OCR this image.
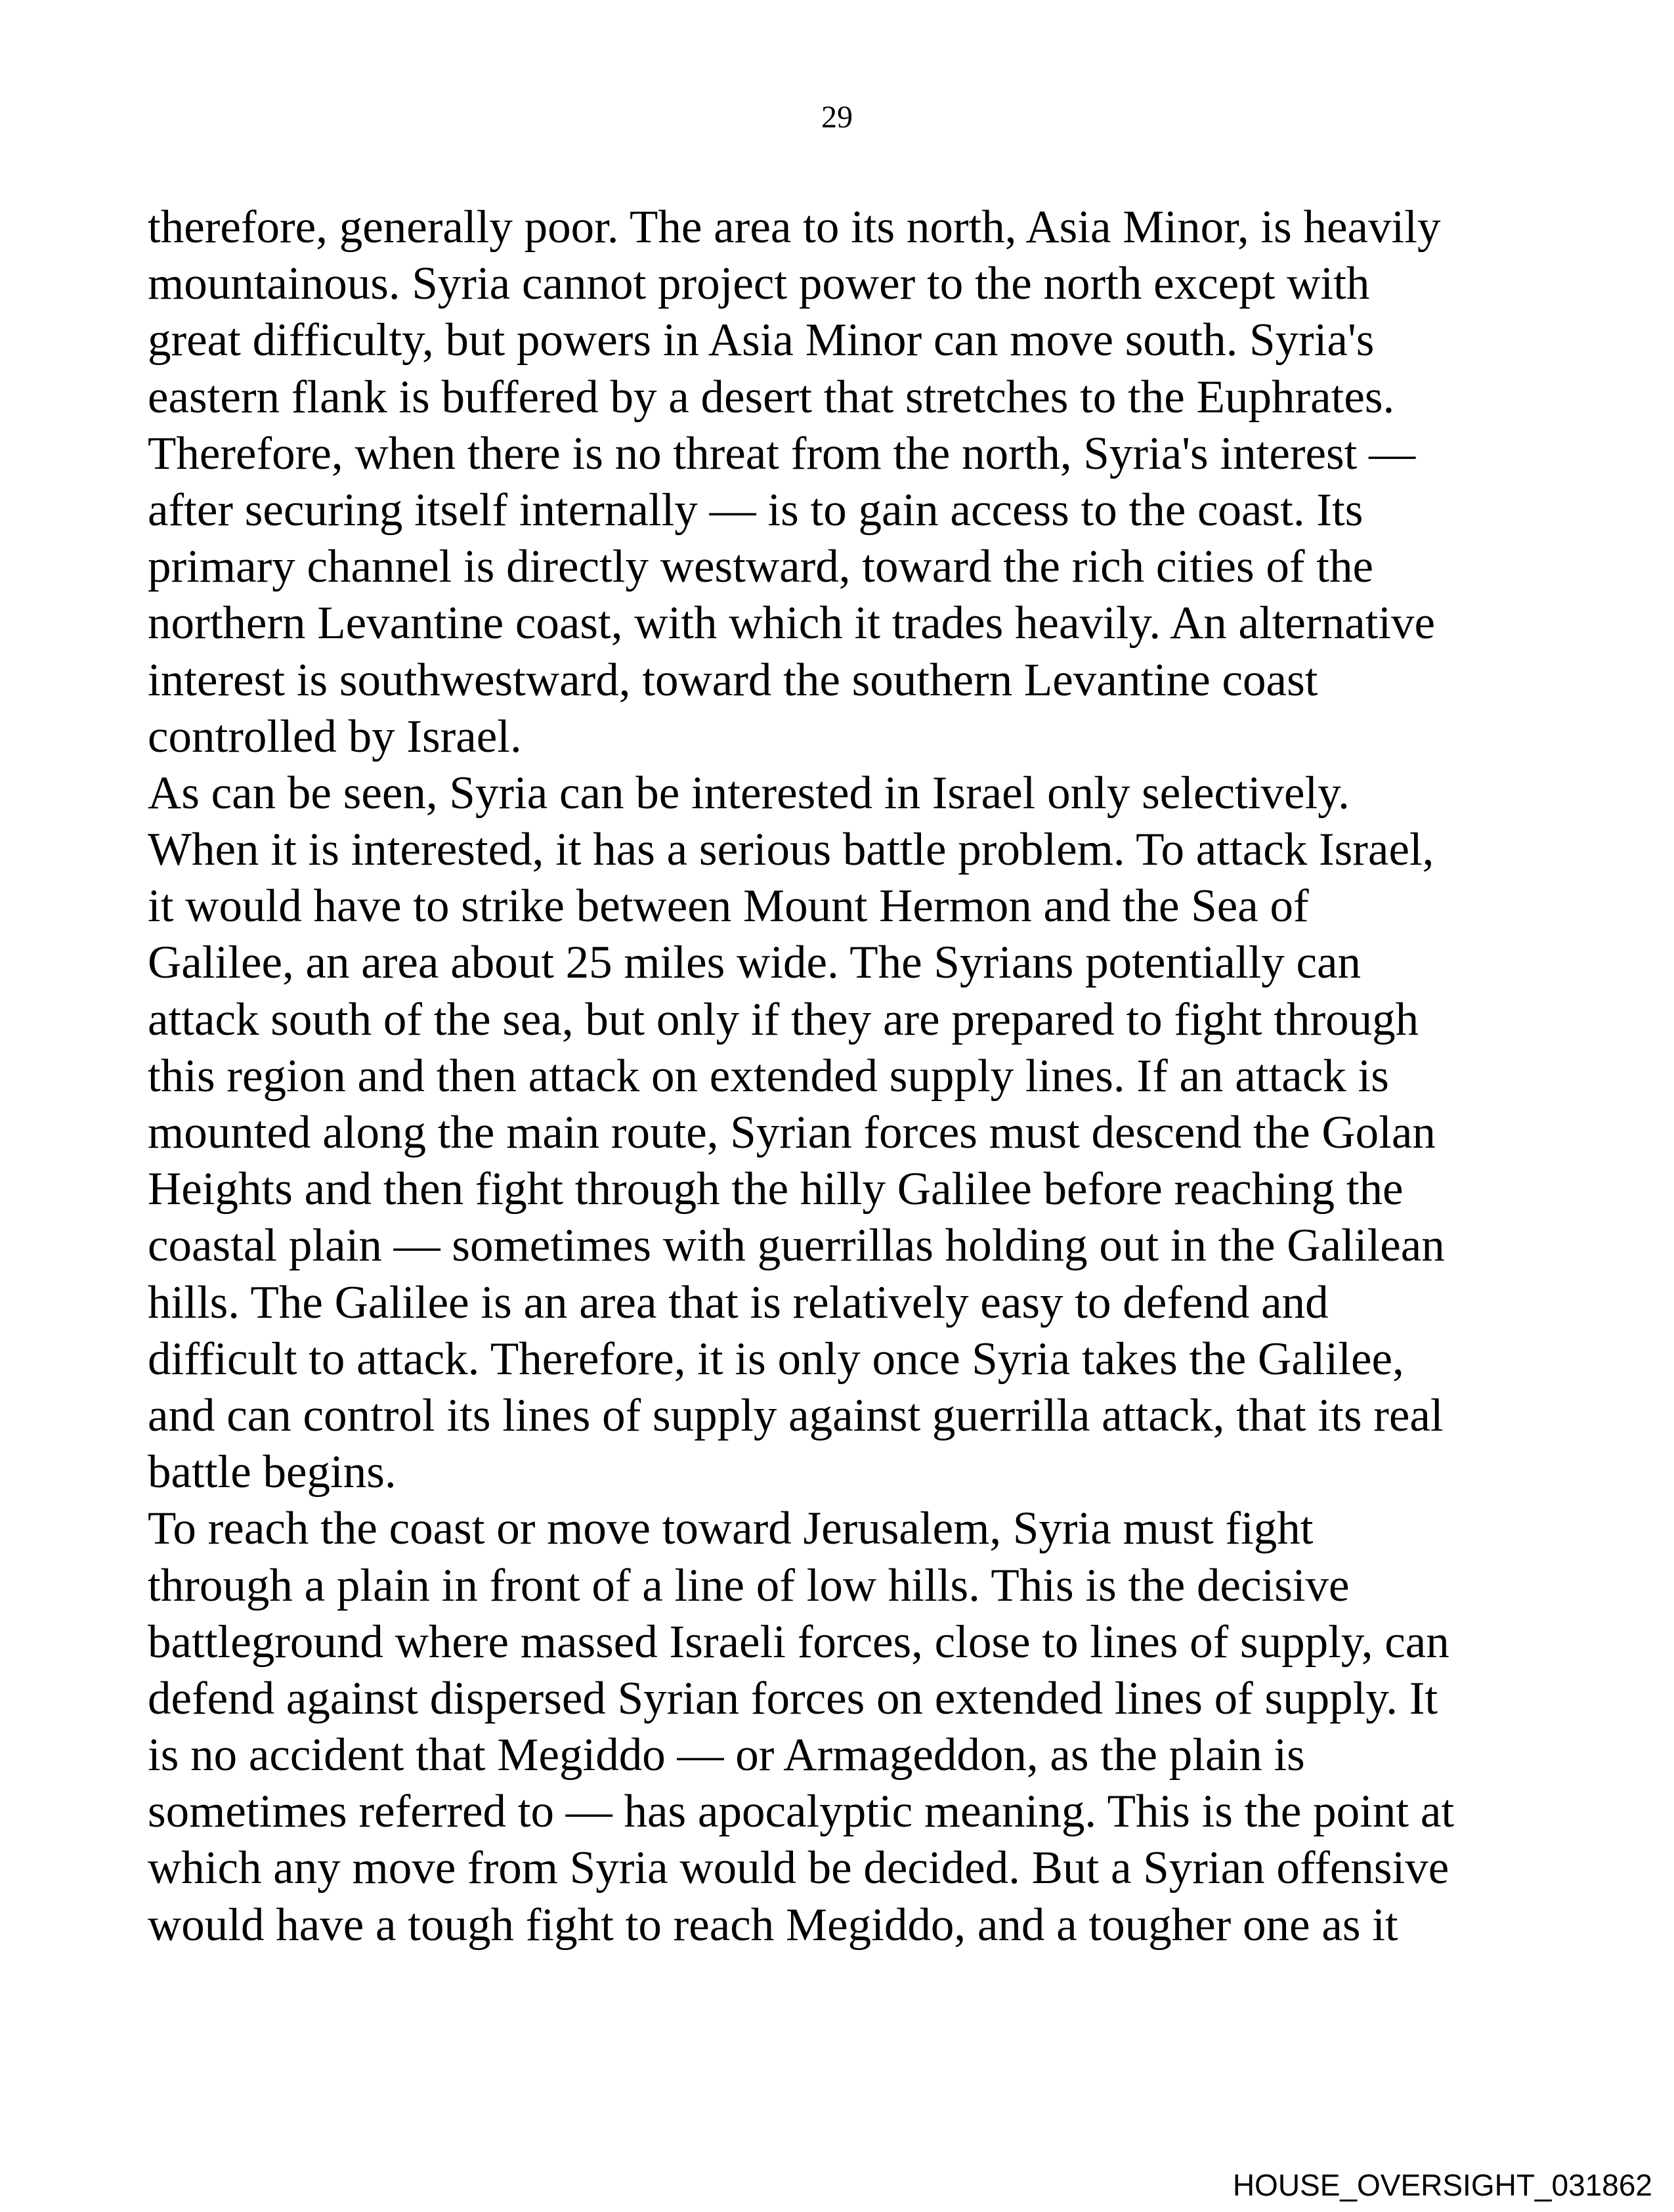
29
therefore, generally poor. The area to its north, Asia Minor, is heavily
mountainous. Syria cannot project power to the north except with
great difficulty, but powers in Asia Minor can move south. Syria's
eastern flank is buffered by a desert that stretches to the Euphrates.
Therefore, when there is no threat from the north, Syria's interest —
after securing itself internally — is to gain access to the coast. Its
primary channel is directly westward, toward the rich cities of the
northern Levantine coast, with which it trades heavily. An alternative
interest is southwestward, toward the southern Levantine coast
controlled by Israel.
As can be seen, Syria can be interested in Israel only selectively.
When it is interested, it has a serious battle problem. To attack Israel,
it would have to strike between Mount Hermon and the Sea of
Galilee, an area about 25 miles wide. The Syrians potentially can
attack south of the sea, but only if they are prepared to fight through
this region and then attack on extended supply lines. If an attack is
mounted along the main route, Syrian forces must descend the Golan
Heights and then fight through the hilly Galilee before reaching the
coastal plain — sometimes with guerrillas holding out in the Galilean
hills. The Galilee is an area that is relatively easy to defend and
difficult to attack. Therefore, it is only once Syria takes the Galilee,
and can control its lines of supply against guerrilla attack, that its real
battle begins.
To reach the coast or move toward Jerusalem, Syria must fight
through a plain in front of a line of low hills. This is the decisive
battleground where massed Israeli forces, close to lines of supply, can
defend against dispersed Syrian forces on extended lines of supply. It
is no accident that Megiddo — or Armageddon, as the plain is
sometimes referred to — has apocalyptic meaning. This is the point at
which any move from Syria would be decided. But a Syrian offensive
would have a tough fight to reach Megiddo, and a tougher one as it
HOUSE_OVERSIGHT_031862
